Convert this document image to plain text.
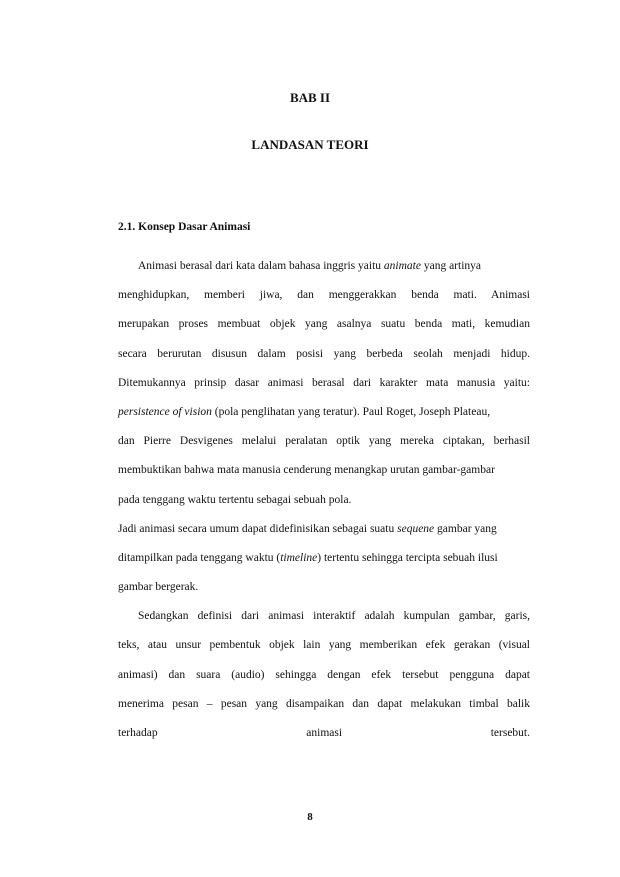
BAB II
LANDASAN TEORI
2.1. Konsep Dasar Animasi
Animasi berasal dari kata dalam bahasa inggris yaitu animate yang artinya
menghidupkan, memberi jiwa, dan menggerakkan benda mati. Animasi
merupakan proses membuat objek yang asalnya suatu benda mati, kemudian
secara berurutan disusun dalam posisi yang berbeda seolah menjadi hidup.
Ditemukannya prinsip dasar animasi berasal dari karakter mata manusia yaitu:
persistence of vision (pola penglihatan yang teratur). Paul Roget, Joseph Plateau,
dan Pierre Desvigenes melalui peralatan optik yang mereka ciptakan, berhasil
membuktikan bahwa mata manusia cenderung menangkap urutan gambar-gambar
pada tenggang waktu tertentu sebagai sebuah pola.
Jadi animasi secara umum dapat didefinisikan sebagai suatu sequene gambar yang
ditampilkan pada tenggang waktu (timeline) tertentu sehingga tercipta sebuah ilusi
gambar bergerak.
Sedangkan definisi dari animasi interaktif adalah kumpulan gambar, garis,
teks, atau unsur pembentuk objek lain yang memberikan efek gerakan (visual
animasi) dan suara (audio) sehingga dengan efek tersebut pengguna dapat
menerima pesan – pesan yang disampaikan dan dapat melakukan timbal balik
terhadap animasi tersebut.
8
